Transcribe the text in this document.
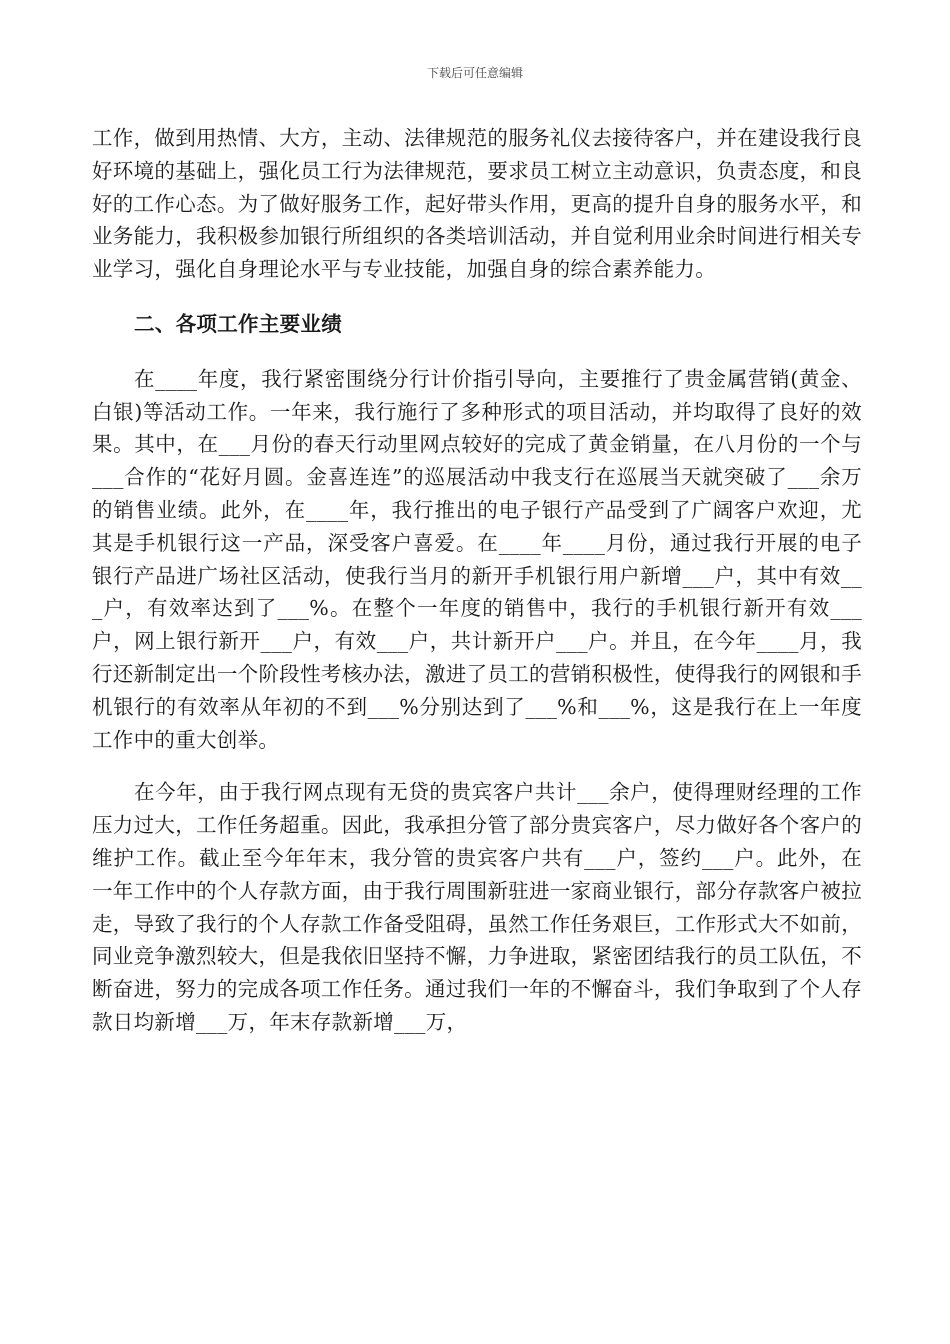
下载后可任意编辑

工作，做到用热情、大方，主动、法律规范的服务礼仪去接待客户，并在建设我行良好环境的基础上，强化员工行为法律规范，要求员工树立主动意识，负责态度，和良好的工作心态。为了做好服务工作，起好带头作用，更高的提升自身的服务水平，和业务能力，我积极参加银行所组织的各类培训活动，并自觉利用业余时间进行相关专业学习，强化自身理论水平与专业技能，加强自身的综合素养能力。

二、各项工作主要业绩

在____年度，我行紧密围绕分行计价指引导向，主要推行了贵金属营销(黄金、白银)等活动工作。一年来，我行施行了多种形式的项目活动，并均取得了良好的效果。其中，在___月份的春天行动里网点较好的完成了黄金销量，在八月份的一个与___合作的“花好月圆。金喜连连”的巡展活动中我支行在巡展当天就突破了___余万的销售业绩。此外，在____年，我行推出的电子银行产品受到了广阔客户欢迎，尤其是手机银行这一产品，深受客户喜爱。在____年____月份，通过我行开展的电子银行产品进广场社区活动，使我行当月的新开手机银行用户新增___户，其中有效___户，有效率达到了___%。在整个一年度的销售中，我行的手机银行新开有效___户，网上银行新开___户，有效___户，共计新开户___户。并且，在今年____月，我行还新制定出一个阶段性考核办法，激进了员工的营销积极性，使得我行的网银和手机银行的有效率从年初的不到___%分别达到了___%和___%，这是我行在上一年度工作中的重大创举。

在今年，由于我行网点现有无贷的贵宾客户共计___余户，使得理财经理的工作压力过大，工作任务超重。因此，我承担分管了部分贵宾客户，尽力做好各个客户的维护工作。截止至今年年末，我分管的贵宾客户共有___户，签约___户。此外，在一年工作中的个人存款方面，由于我行周围新驻进一家商业银行，部分存款客户被拉走，导致了我行的个人存款工作备受阻碍，虽然工作任务艰巨，工作形式大不如前，同业竞争激烈较大，但是我依旧坚持不懈，力争进取，紧密团结我行的员工队伍，不断奋进，努力的完成各项工作任务。通过我们一年的不懈奋斗，我们争取到了个人存款日均新增___万，年末存款新增___万，
